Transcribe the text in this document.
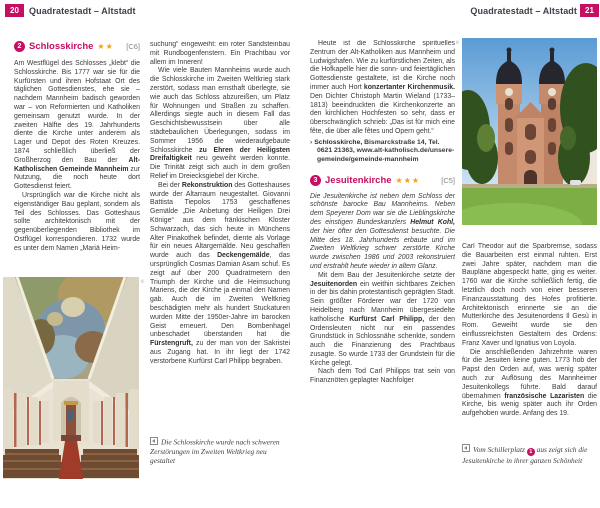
20	Quadratestadt – Altstadt
2 Schlosskirche ★★ [C6]

Am Westflügel des Schlosses „klebt“ die Schlosskirche. Bis 1777 war sie für die Kurfürsten und ihren Hofstaat Ort des täglichen Gottesdienstes, ehe sie – nachdem Mannheim badisch geworden war – von Reformierten und Katholiken gemeinsam genutzt wurde. In der zweiten Hälfte des 19. Jahrhunderts diente die Kirche unter anderem als Lager und Depot des Roten Kreuzes. 1874 schließlich überließ der Großherzog den Bau der Alt-Katholischen Gemeinde Mannheim zur Nutzung, die noch heute dort Gottesdienst feiert.

Ursprünglich war die Kirche nicht als eigenständiger Bau geplant, sondern als Teil des Schlosses. Das Gotteshaus sollte architektonisch mit der gegenüberliegenden Bibliothek im Ostflügel korrespondieren. 1732 wurde es unter dem Namen „Mariä Heim-

suchung“ eingeweiht: ein roter Sandsteinbau mit Rundbogenfenstern. Ein Prachtbau vor allem im Inneren!

Wie viele Bauten Mannheims wurde auch die Schlosskirche im Zweiten Weltkrieg stark zerstört, sodass man ernsthaft überlegte, sie wie auch das Schloss abzureißen, um Platz für Wohnungen und Straßen zu schaffen. Allerdings siegte auch in diesem Fall das Geschichtsbewusstsein über alle städtebaulichen Überlegungen, sodass im Sommer 1956 die wiederaufgebaute Schlosskirche zu Ehren der Heiligsten Dreifaltigkeit neu geweiht werden konnte. Die Trinität zeigt sich auch in dem großen Relief im Dreiecksgiebel der Kirche.

Bei der Rekonstruktion des Gotteshauses wurde der Altarraum neugestaltet. Giovanni Battista Tiepolos 1753 geschaffenes Gemälde „Die Anbetung der Heiligen Drei Könige“ aus dem fränkischen Kloster Schwarzach, das sich heute in Münchens Alter Pinakothek befindet, diente als Vorlage für ein neues Altargemälde. Neu geschaffen wurde auch das Deckengemälde, das ursprünglich Cosmas Damian Asam schuf. Es zeigt auf über 200 Quadratmetern den Triumph der Kirche und die Heimsuchung Mariens, die der Kirche ja einmal den Namen gab. Auch die im Zweiten Weltkrieg beschädigten mehr als hundert Stuckaturen wurden Mitte der 1950er-Jahre im barocken Geist erneuert. Den Bombenhagel unbeschadet überstanden hat die Fürstengruft, zu der man von der Sakristei aus Zugang hat. In ihr liegt der 1742 verstorbene Kurfürst Carl Philipp begraben.

©
Die Schlosskirche wurde nach schweren Zerstörungen im Zweiten Weltkrieg neu gestaltet
21
Quadratestadt – Altstadt

Heute ist die Schlosskirche spirituelles Zentrum der Alt-Katholiken aus Mannheim und Ludwigshafen. Wie zu kurfürstlichen Zeiten, als die Hofkapelle hier die sonn- und feiertäglichen Gottesdienste gestaltete, ist die Kirche noch immer auch Hort konzertanter Kirchenmusik. Den Dichter Christoph Martin Wieland (1733–1813) beeindruckten die Kirchenkonzerte an den kirchlichen Hochfesten so sehr, dass er überschwänglich schrieb: „Das ist für mich eine fête, die über alle fêtes und Opern geht.“

› Schlosskirche, Bismarckstraße 14, Tel. 0621 21363, www.alt-katholisch.de/unsere-gemeinde/gemeinde-mannheim
3 Jesuitenkirche ★★★	[C5]

Die Jesuitenkirche ist neben dem Schloss der schönste barocke Bau Mannheims. Neben dem Speyerer Dom war sie die Lieblingskirche des einstigen Bundeskanzlers Helmut Kohl, der hier öfter den Gottesdienst besuchte. Die Mitte des 18. Jahrhunderts erbaute und im Zweiten Weltkrieg schwer zerstörte Kirche wurde zwischen 1986 und 2003 rekonstruiert und erstrahlt heute wieder in altem Glanz.

Mit dem Bau der Jesuitenkirche setzte der Jesuitenorden ein weithin sichtbares Zeichen in der bis dahin protestantisch geprägten Stadt. Sein größter Förderer war der 1720 von Heidelberg nach Mannheim übergesiedelte katholische Kurfürst Carl Philipp, der den Ordensleuten nicht nur ein passendes Grundstück in Schlossnähe schenkte, sondern auch die Finanzierung des Prachtbaus zusagte. So wurde 1733 der Grundstein für die Kirche gelegt.

Nach dem Tod Carl Philipps trat sein von Finanznöten geplagter Nachfolger

©

Carl Theodor auf die Sparbremse, sodass die Bauarbeiten erst einmal ruhten. Erst zwei Jahre später, nachdem man die Baupläne abgespeckt hatte, ging es weiter. 1760 war die Kirche schließlich fertig, die letztlich doch noch von einer besseren Finanzausstattung des Hofes profitierte. Architektonisch erinnerte sie an die Mutterkirche des Jesuitenordens Il Gesù in Rom. Geweiht wurde sie den einflussreichsten Gestaltern des Ordens: Franz Xaver und Ignatius von Loyola.

Die anschließenden Jahrzehnte waren für die Jesuiten keine guten. 1773 hob der Papst den Orden auf, was wenig später auch zur Auflösung des Mannheimer Jesuitenkollegs führte. Bald darauf übernahmen französische Lazaristen die Kirche, bis wenig später auch ihr Orden aufgehoben wurde. Anfang des 19.

Vom Schillerplatz 1 aus zeigt sich die Jesuitenkirche in ihrer ganzen Schönheit
